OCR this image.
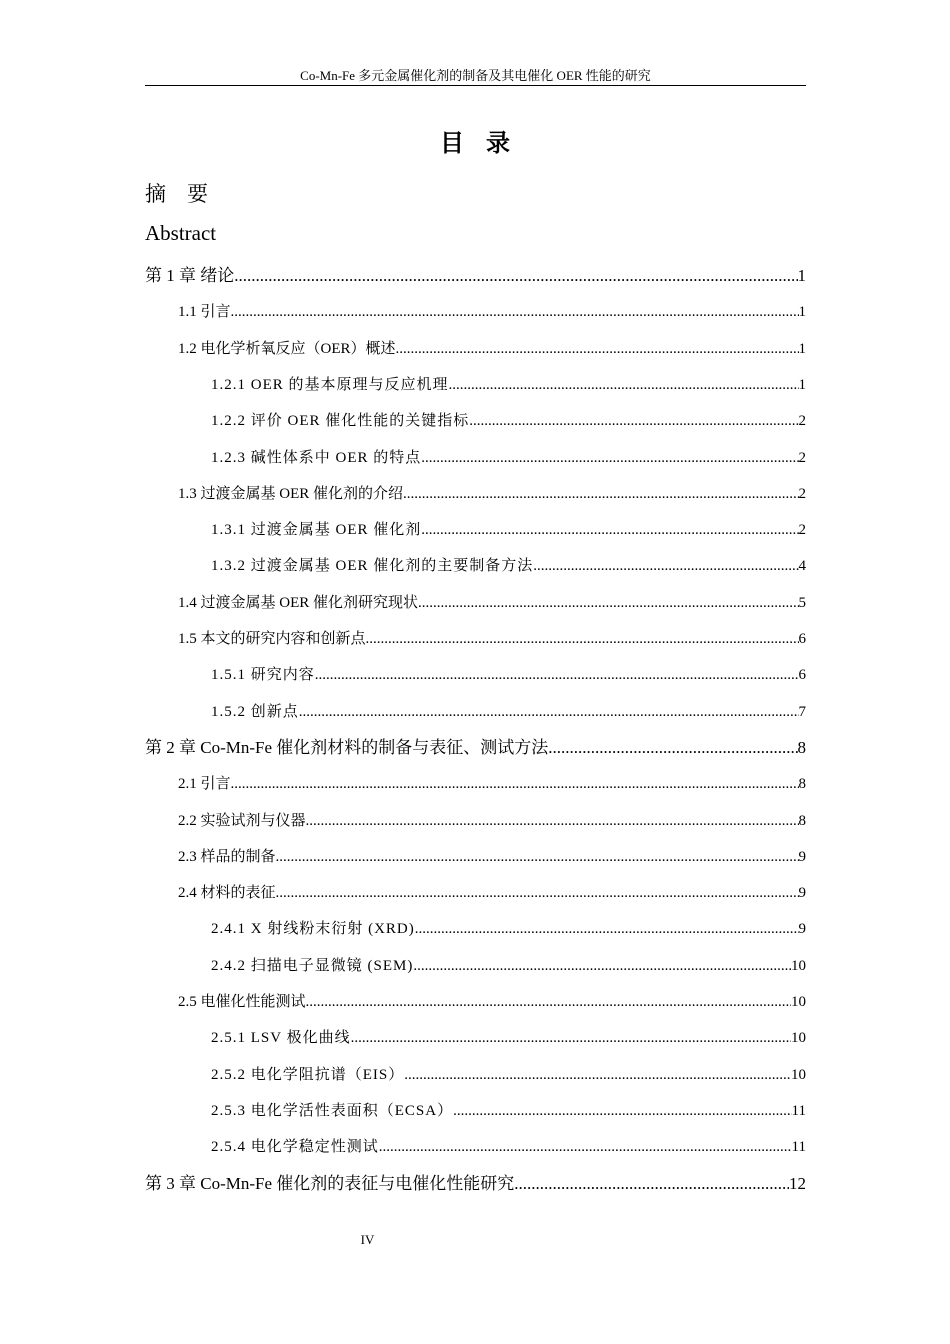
Co-Mn-Fe 多元金属催化剂的制备及其电催化 OER 性能的研究
目录
摘　要
Abstract
第 1 章 绪论 .....	1
1.1 引言 .....	1
1.2 电化学析氧反应（OER）概述 .....	1
1.2.1 OER 的基本原理与反应机理 .....	1
1.2.2 评价 OER 催化性能的关键指标 .....	2
1.2.3 碱性体系中 OER 的特点 .....	2
1.3 过渡金属基 OER 催化剂的介绍 .....	2
1.3.1 过渡金属基 OER 催化剂 .....	2
1.3.2 过渡金属基 OER 催化剂的主要制备方法 .....	4
1.4 过渡金属基 OER 催化剂研究现状 .....	5
1.5 本文的研究内容和创新点 .....	6
1.5.1 研究内容 .....	6
1.5.2 创新点 .....	7
第 2 章 Co-Mn-Fe 催化剂材料的制备与表征、测试方法 .....	8
2.1 引言 .....	8
2.2 实验试剂与仪器 .....	8
2.3 样品的制备 .....	9
2.4 材料的表征 .....	9
2.4.1 X 射线粉末衍射 (XRD) .....	9
2.4.2 扫描电子显微镜 (SEM) .....	10
2.5 电催化性能测试 .....	10
2.5.1 LSV 极化曲线 .....	10
2.5.2 电化学阻抗谱（EIS） .....	10
2.5.3 电化学活性表面积（ECSA） .....	11
2.5.4 电化学稳定性测试 .....	11
第 3 章 Co-Mn-Fe 催化剂的表征与电催化性能研究 .....	12
IV
